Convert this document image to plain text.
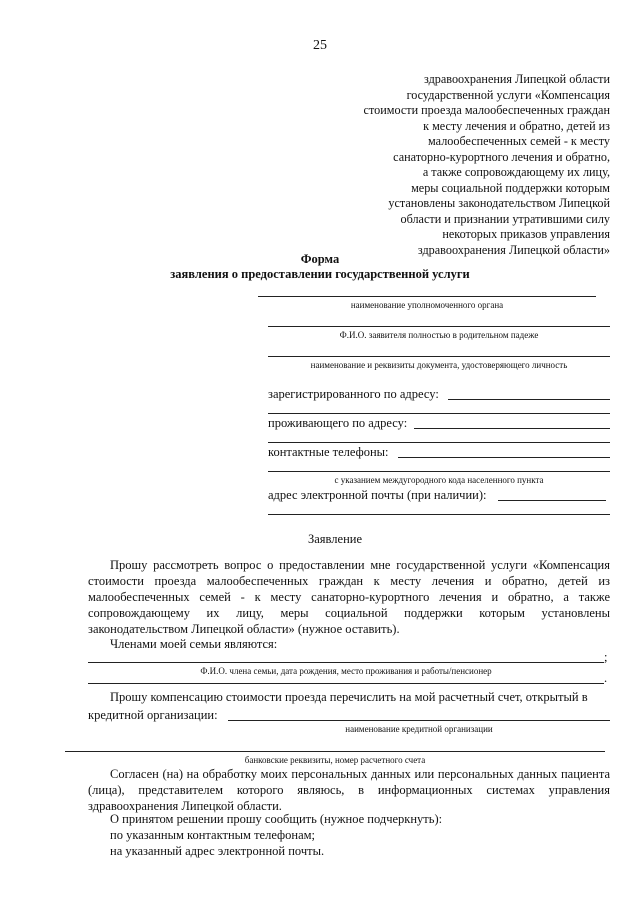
25
здравоохранения Липецкой области
государственной услуги «Компенсация
стоимости проезда малообеспеченных граждан
к месту лечения и обратно, детей из
малообеспеченных семей - к месту
санаторно-курортного лечения и обратно,
а также сопровождающему их лицу,
меры социальной поддержки которым
установлены законодательством Липецкой
области и признании утратившими силу
некоторых приказов управления
здравоохранения Липецкой области»
Форма
заявления о предоставлении государственной услуги
наименование уполномоченного органа
Ф.И.О. заявителя полностью в родительном падеже
наименование и реквизиты документа, удостоверяющего личность
зарегистрированного по адресу:
проживающего по адресу:
контактные телефоны:
с указанием междугородного кода населенного пункта
адрес электронной почты (при наличии):
Заявление
Прошу рассмотреть вопрос о предоставлении мне государственной услуги «Компенсация стоимости проезда малообеспеченных граждан к месту лечения и обратно, детей из малообеспеченных семей - к месту санаторно-курортного лечения и обратно, а также сопровождающему их лицу, меры социальной поддержки которым установлены законодательством Липецкой области» (нужное оставить).
Членами моей семьи являются:
;
Ф.И.О. члена семьи, дата рождения, место проживания и работы/пенсионер	.
Прошу компенсацию стоимости проезда перечислить на мой расчетный счет, открытый в
кредитной организации:
наименование кредитной организации
банковские реквизиты, номер расчетного счета
Согласен (на) на обработку моих персональных данных или персональных данных пациента (лица), представителем которого являюсь, в информационных системах управления здравоохранения Липецкой области.
О принятом решении прошу сообщить (нужное подчеркнуть):
по указанным контактным телефонам;
на указанный адрес электронной почты.
